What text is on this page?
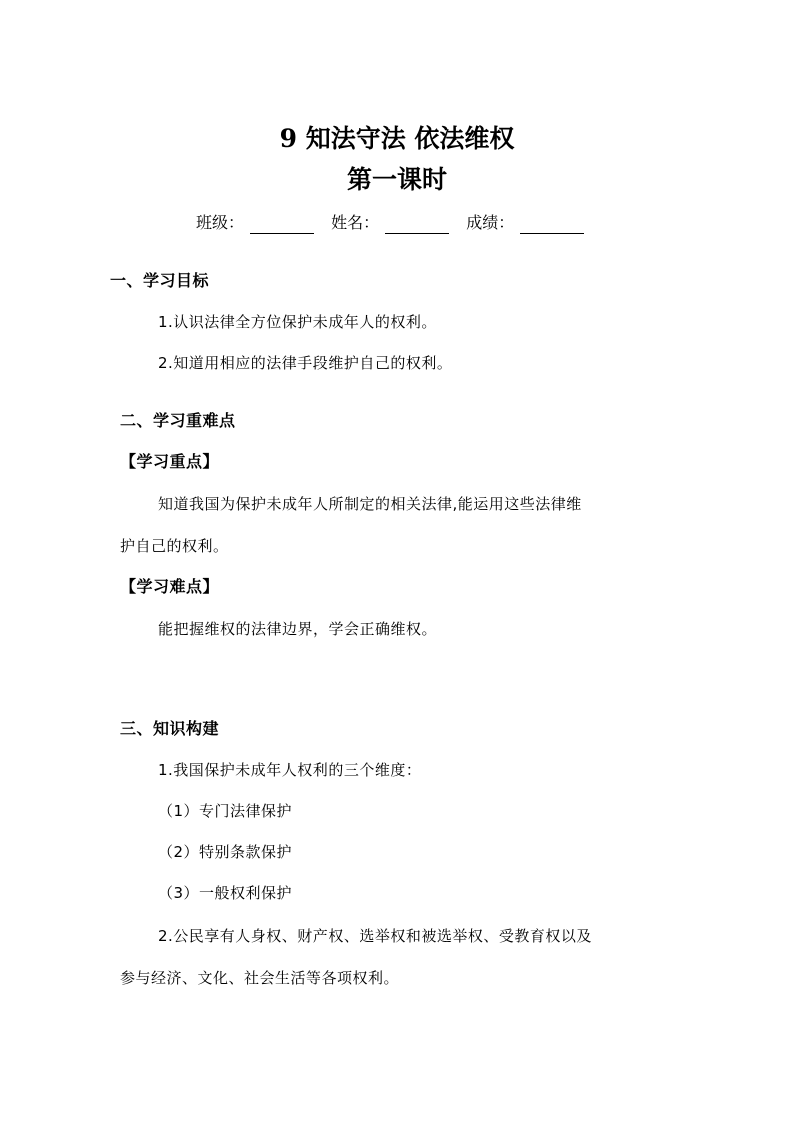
9 知法守法 依法维权
第一课时
班级：	姓名：	成绩：
一、学习目标
1.认识法律全方位保护未成年人的权利。
2.知道用相应的法律手段维护自己的权利。
二、学习重难点
【学习重点】
知道我国为保护未成年人所制定的相关法律,能运用这些法律维
护自己的权利。
【学习难点】
能把握维权的法律边界，学会正确维权。
三、知识构建
1.我国保护未成年人权利的三个维度：
（1）专门法律保护
（2）特别条款保护
（3）一般权利保护
2.公民享有人身权、财产权、选举权和被选举权、受教育权以及
参与经济、文化、社会生活等各项权利。
